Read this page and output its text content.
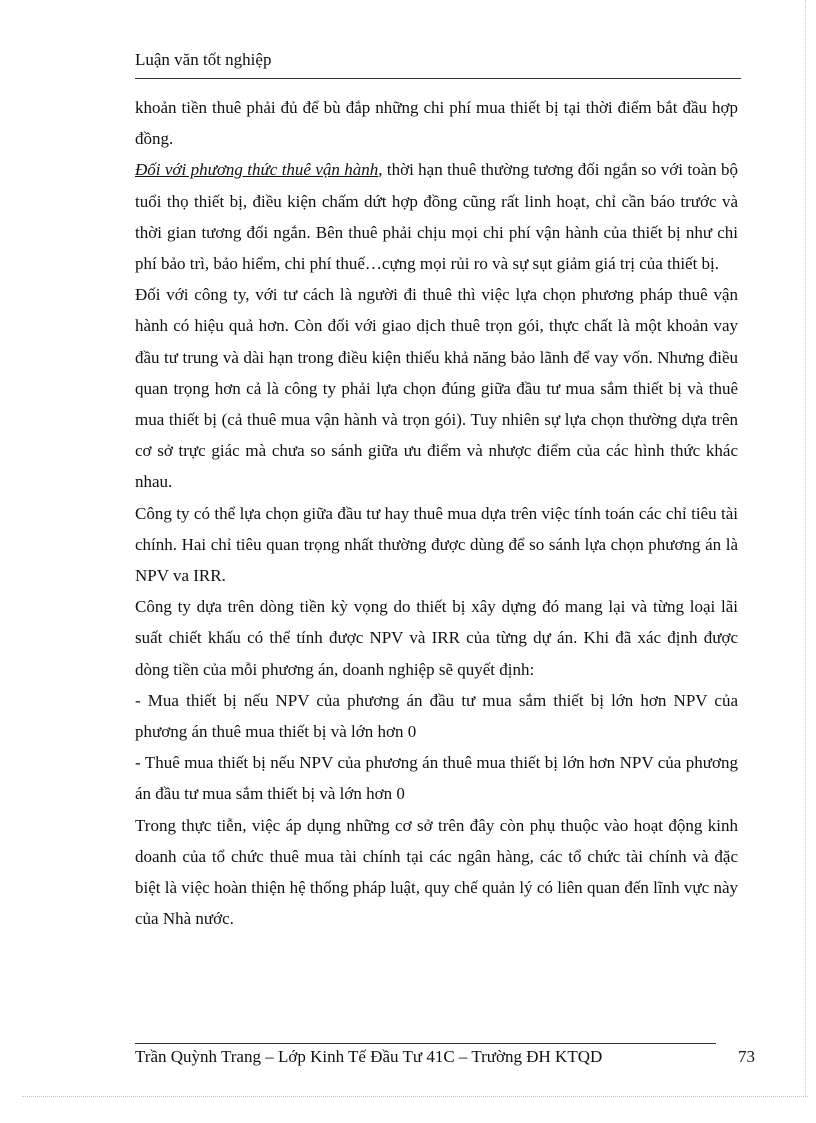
Luận văn tốt nghiệp

khoản tiền thuê phải đủ để bù đắp những chi phí mua thiết bị tại thời điểm bắt đầu hợp đồng.

Đối với phương thức thuê vận hành, thời hạn thuê thường tương đối ngắn so với toàn bộ tuổi thọ thiết bị, điều kiện chấm dứt hợp đồng cũng rất linh hoạt, chỉ cần báo trước và thời gian tương đối ngắn. Bên thuê phải chịu mọi chi phí vận hành của thiết bị như chi phí bảo trì, bảo hiểm, chi phí thuế…cựng mọi rủi ro và sự sụt giảm giá trị của thiết bị.

Đối với công ty, với tư cách là người đi thuê thì việc lựa chọn phương pháp thuê vận hành có hiệu quả hơn. Còn đối với giao dịch thuê trọn gói, thực chất là một khoản vay đầu tư trung và dài hạn trong điều kiện thiếu khả năng bảo lãnh để vay vốn. Nhưng điều quan trọng hơn cả là công ty phải lựa chọn đúng giữa đầu tư mua sắm thiết bị và thuê mua thiết bị (cả thuê mua vận hành và trọn gói). Tuy nhiên sự lựa chọn thường dựa trên cơ sở trực giác mà chưa so sánh giữa ưu điểm và nhược điểm của các hình thức khác nhau.

Công ty có thể lựa chọn giữa đầu tư hay thuê mua dựa trên việc tính toán các chỉ tiêu tài chính. Hai chỉ tiêu quan trọng nhất thường được dùng để so sánh lựa chọn phương án là NPV va IRR.

Công ty dựa trên dòng tiền kỳ vọng do thiết bị xây dựng đó mang lại và từng loại lãi suất chiết khấu có thể tính được NPV và IRR của từng dự án. Khi đã xác định được dòng tiền của mỗi phương án, doanh nghiệp sẽ quyết định:

- Mua thiết bị nếu NPV của phương án đầu tư mua sắm thiết bị lớn hơn NPV của phương án thuê mua thiết bị và lớn hơn 0

- Thuê mua thiết bị nếu NPV của phương án thuê mua thiết bị lớn hơn NPV của phương án đầu tư mua sắm thiết bị và lớn hơn 0

Trong thực tiễn, việc áp dụng những cơ sở trên đây còn phụ thuộc vào hoạt động kinh doanh của tổ chức thuê mua tài chính tại các ngân hàng, các tổ chức tài chính và đặc biệt là việc hoàn thiện hệ thống pháp luật, quy chế quản lý có liên quan đến lĩnh vực này của Nhà nước.

Trần Quỳnh Trang – Lớp Kinh Tế Đầu Tư 41C – Trường ĐH KTQD	73
